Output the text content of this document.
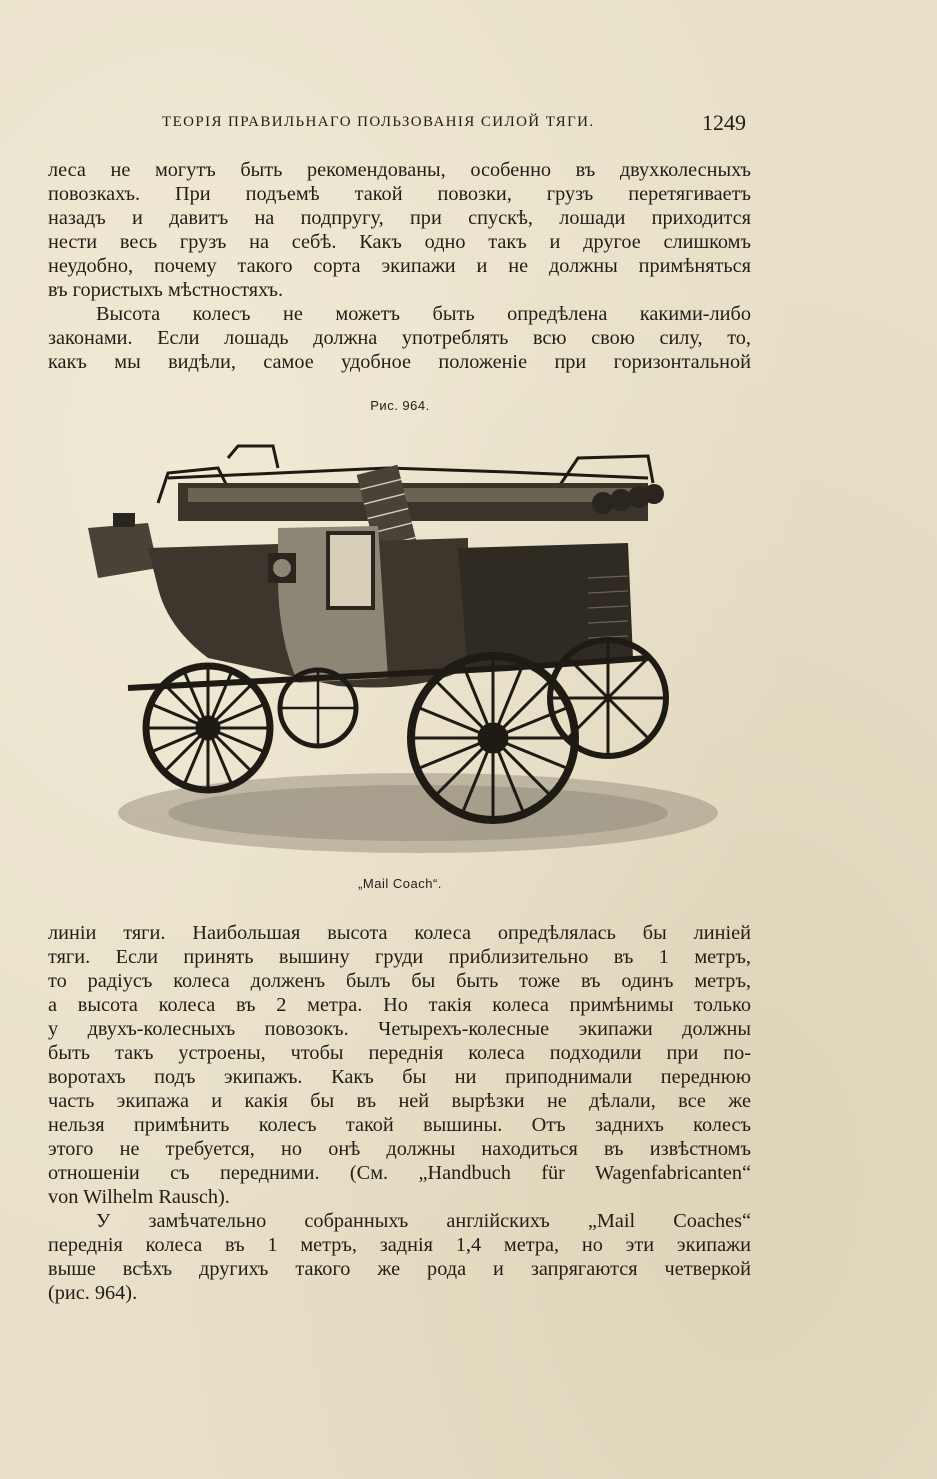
ТЕОРІЯ ПРАВИЛЬНАГО ПОЛЬЗОВАНІЯ СИЛОЙ ТЯГИ.	1249
леса не могутъ быть рекомендованы, особенно въ двухколесныхъ
повозкахъ. При подъемѣ такой повозки, грузъ перетягиваетъ
назадъ и давитъ на подпругу, при спускѣ, лошади приходится
нести весь грузъ на себѣ. Какъ одно такъ и другое слишкомъ
неудобно, почему такого сорта экипажи и не должны примѣняться
въ гористыхъ мѣстностяхъ.
Высота колесъ не можетъ быть опредѣлена какими-либо
законами. Если лошадь должна употреблять всю свою силу, то,
какъ мы видѣли, самое удобное положеніе при горизонтальной
Рис. 964.
„Mail Coach“.
линіи тяги. Наибольшая высота колеса опредѣлялась бы линіей
тяги. Если принять вышину груди приблизительно въ 1 метръ,
то радіусъ колеса долженъ былъ бы быть тоже въ одинъ метръ,
а высота колеса въ 2 метра. Но такія колеса примѣнимы только
у двухъ-колесныхъ повозокъ. Четырехъ-колесные экипажи должны
быть такъ устроены, чтобы переднія колеса подходили при по-
воротахъ подъ экипажъ. Какъ бы ни приподнимали переднюю
часть экипажа и какія бы въ ней вырѣзки не дѣлали, все же
нельзя примѣнить колесъ такой вышины. Отъ заднихъ колесъ
этого не требуется, но онѣ должны находиться въ извѣстномъ
отношеніи съ передними. (См. „Handbuch für Wagenfabricanten“
von Wilhelm Rausch).
У замѣчательно собранныхъ англійскихъ „Mail Coaches“
переднія колеса въ 1 метръ, заднія 1,4 метра, но эти экипажи
выше всѣхъ другихъ такого же рода и запрягаются четверкой
(рис. 964).
